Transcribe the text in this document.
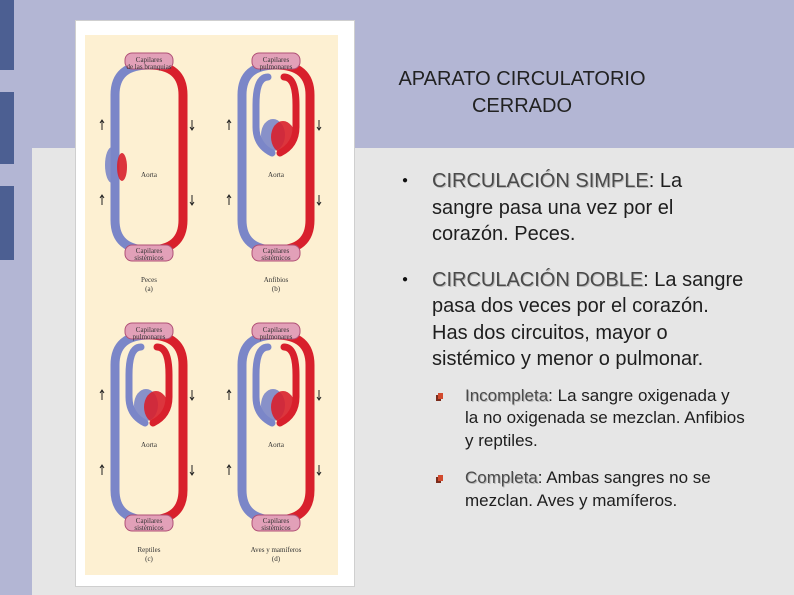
Capilares
de las branquias
Capilares
sistémicos
Aorta
Peces
(a)
Capilares
pulmonares
Capilares
sistémicos
Aorta
Anfibios
(b)
Capilares
pulmonares
Capilares
sistémicos
Aorta
Reptiles
(c)
Capilares
pulmonares
Capilares
sistémicos
Aorta
Aves y mamíferos
(d)
APARATO CIRCULATORIO
CERRADO
● CIRCULACIÓN SIMPLE: La sangre pasa una vez por el corazón. Peces.
● CIRCULACIÓN DOBLE: La sangre pasa dos veces por el corazón. Has dos circuitos, mayor o sistémico y menor o pulmonar.
Incompleta: La sangre oxigenada y la no oxigenada se mezclan. Anfibios y reptiles.
Completa: Ambas sangres no se mezclan. Aves y mamíferos.
